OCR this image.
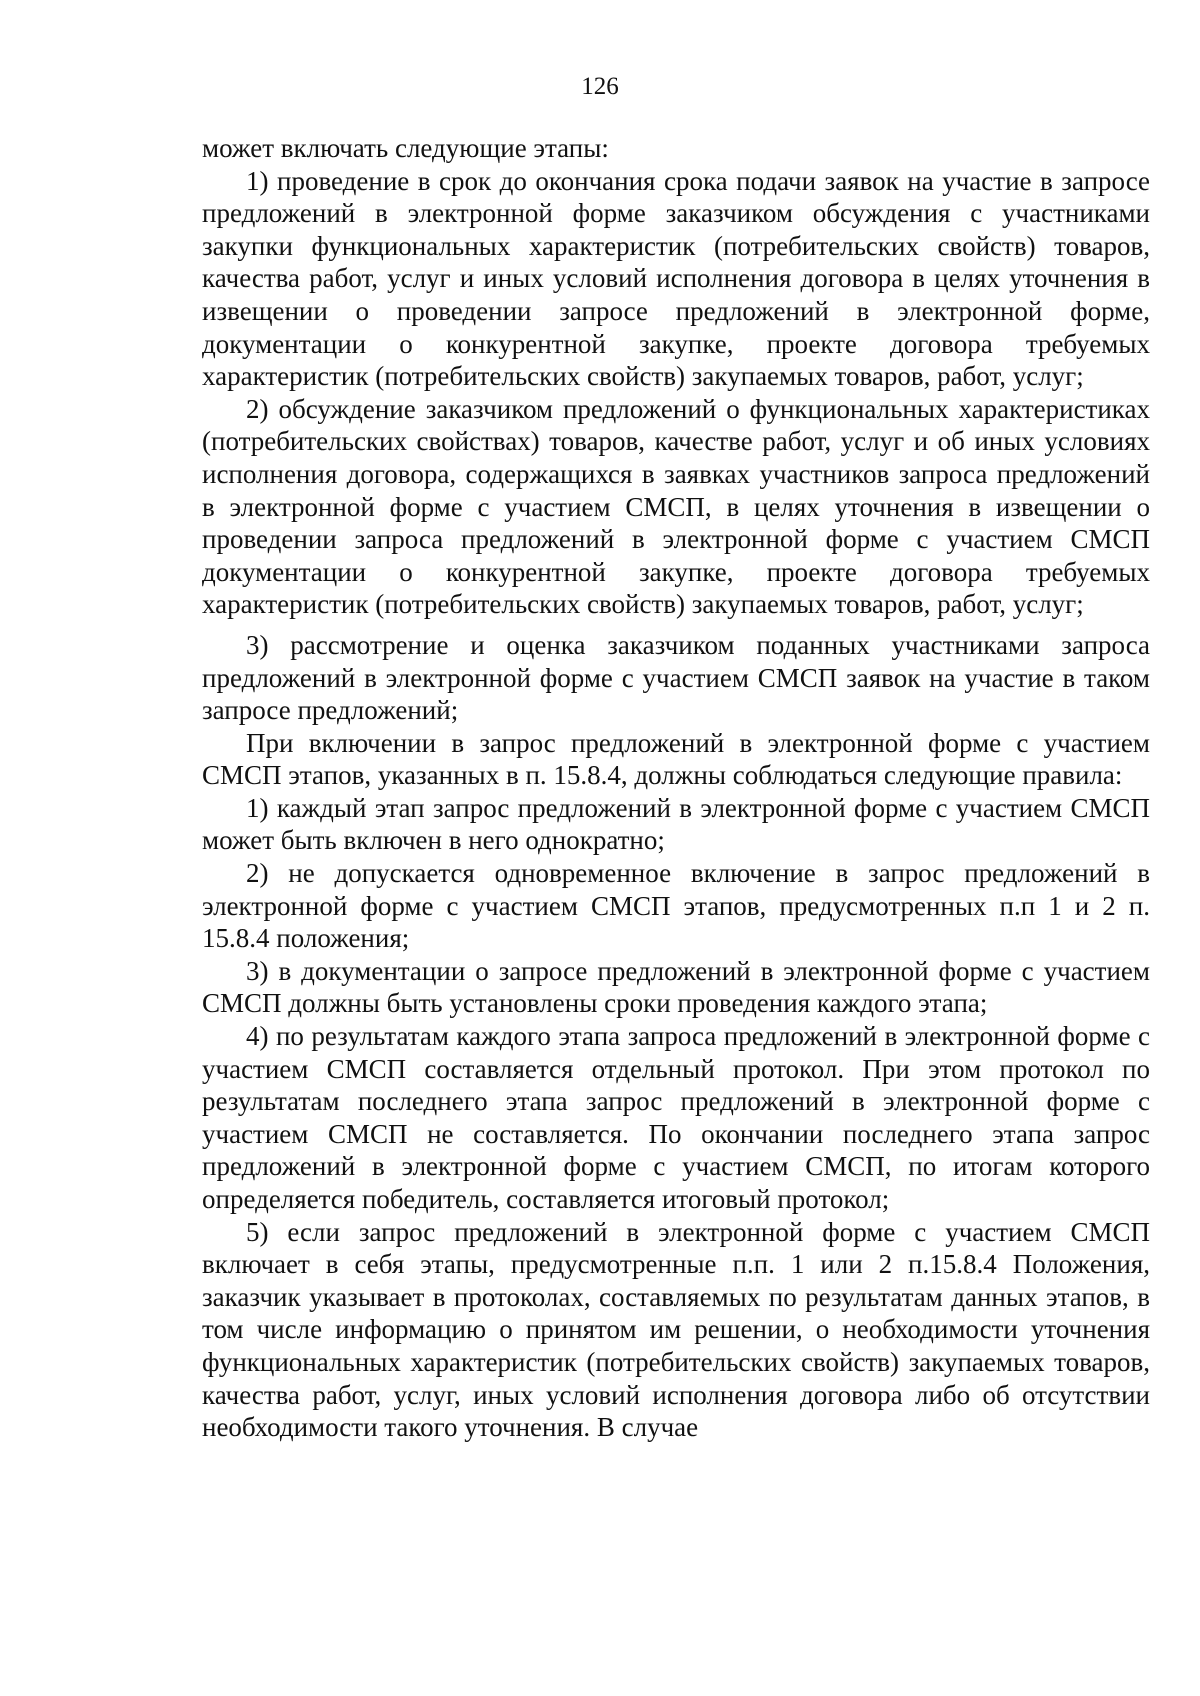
126

может включать следующие этапы:

1) проведение в срок до окончания срока подачи заявок на участие в запросе предложений в электронной форме заказчиком обсуждения с участниками закупки функциональных характеристик (потребительских свойств) товаров, качества работ, услуг и иных условий исполнения договора в целях уточнения в извещении о проведении запросе предложений в электронной форме, документации о конкурентной закупке, проекте договора требуемых характеристик (потребительских свойств) закупаемых товаров, работ, услуг;

2) обсуждение заказчиком предложений о функциональных характеристиках (потребительских свойствах) товаров, качестве работ, услуг и об иных условиях исполнения договора, содержащихся в заявках участников запроса предложений в электронной форме с участием СМСП, в целях уточнения в извещении о проведении запроса предложений в электронной форме с участием СМСП документации о конкурентной закупке, проекте договора требуемых характеристик (потребительских свойств) закупаемых товаров, работ, услуг;

3) рассмотрение и оценка заказчиком поданных участниками запроса предложений в электронной форме с участием СМСП заявок на участие в таком запросе предложений;

При включении в запрос предложений в электронной форме с участием СМСП этапов, указанных в п. 15.8.4, должны соблюдаться следующие правила:

1) каждый этап запрос предложений в электронной форме с участием СМСП может быть включен в него однократно;

2) не допускается одновременное включение в запрос предложений в электронной форме с участием СМСП этапов, предусмотренных п.п 1 и 2 п. 15.8.4 положения;

3) в документации о запросе предложений в электронной форме с участием СМСП должны быть установлены сроки проведения каждого этапа;

4) по результатам каждого этапа запроса предложений в электронной форме с участием СМСП составляется отдельный протокол. При этом протокол по результатам последнего этапа запрос предложений в электронной форме с участием СМСП не составляется. По окончании последнего этапа запрос предложений в электронной форме с участием СМСП, по итогам которого определяется победитель, составляется итоговый протокол;

5) если запрос предложений в электронной форме с участием СМСП включает в себя этапы, предусмотренные п.п. 1 или 2 п.15.8.4 Положения, заказчик указывает в протоколах, составляемых по результатам данных этапов, в том числе информацию о принятом им решении, о необходимости уточнения функциональных характеристик (потребительских свойств) закупаемых товаров, качества работ, услуг, иных условий исполнения договора либо об отсутствии необходимости такого уточнения. В случае
